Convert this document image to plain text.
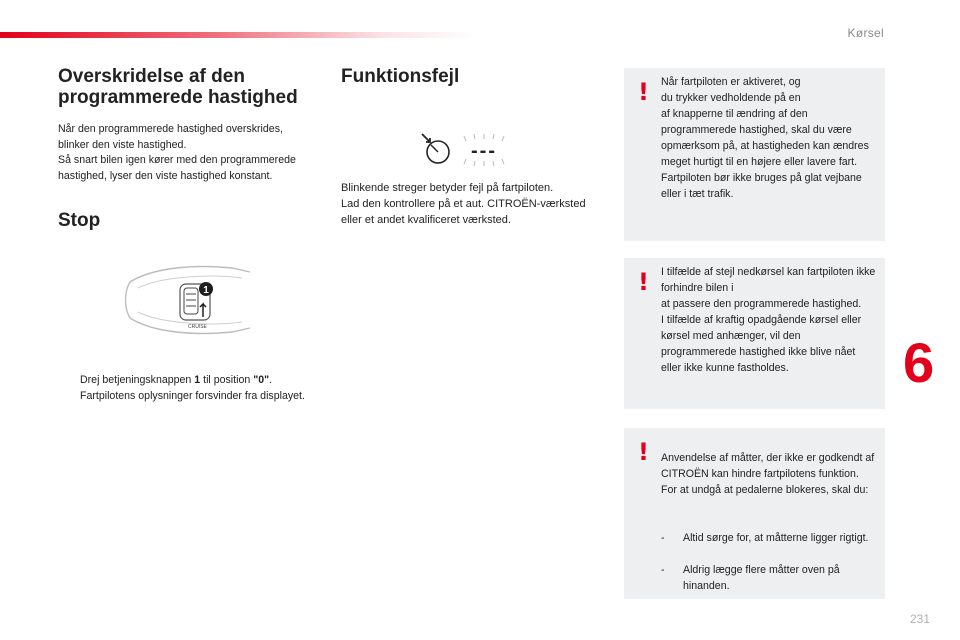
Kørsel
Overskridelse af den programmerede hastighed
Når den programmerede hastighed overskrides,
blinker den viste hastighed.
Så snart bilen igen kører med den programmerede hastighed, lyser den viste hastighed konstant.
Stop
1
CRUISE
Drej betjeningsknappen 1 til position "0". Fartpilotens oplysninger forsvinder fra displayet.
Funktionsfejl
---
Blinkende streger betyder fejl på fartpiloten.
Lad den kontrollere på et aut. CITROËN-værksted eller et andet kvalificeret værksted.
! Når fartpiloten er aktiveret, og
du trykker vedholdende på en
af knapperne til ændring af den programmerede hastighed, skal du være opmærksom på, at hastigheden kan ændres meget hurtigt til en højere eller lavere fart.
Fartpiloten bør ikke bruges på glat vejbane eller i tæt trafik.
! I tilfælde af stejl nedkørsel kan fartpiloten ikke forhindre bilen i
at passere den programmerede hastighed.
I tilfælde af kraftig opadgående kørsel eller kørsel med anhænger, vil den programmerede hastighed ikke blive nået eller ikke kunne fastholdes.
! Anvendelse af måtter, der ikke er godkendt af CITROËN kan hindre fartpilotens funktion.
For at undgå at pedalerne blokeres, skal du:

- Altid sørge for, at måtterne ligger rigtigt.

- Aldrig lægge flere måtter oven på hinanden.

6
231
